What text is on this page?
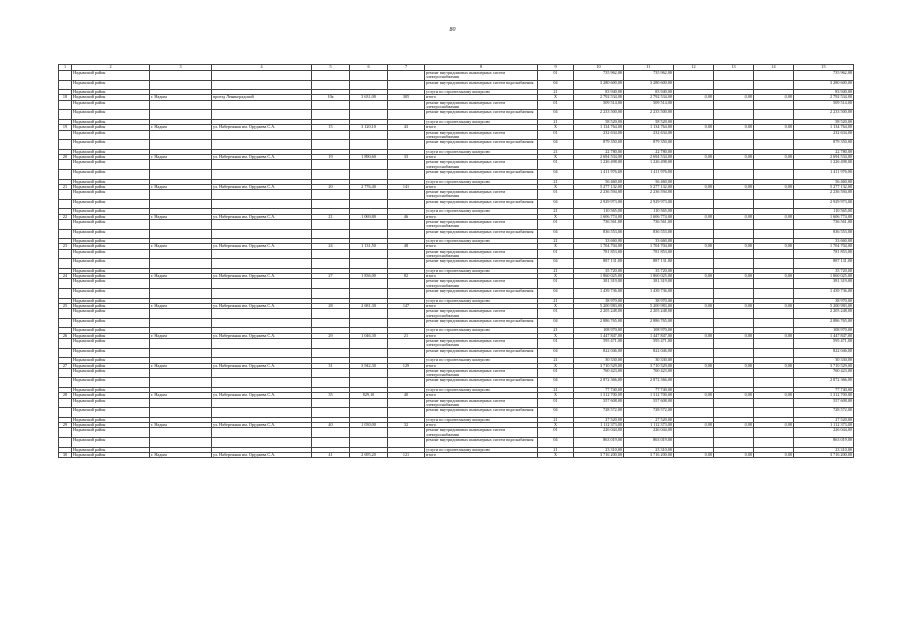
80
1	2	3	4	5	6	7	8	9	10	11	12	13	14	15
	Надымский район						ремонт внутридомовых инженерных систем электроснабжения	01	735 962,00	735 962,00				735 962,00
	Надымский район						ремонт внутридомовых инженерных систем водоснабжения	04	3 280 600,00	3 280 600,00				3 280 600,00
	Надымский район						услуги по строительному контролю	21	83 940,00	83 940,00				83 940,00
18	Надымский район	г. Надым	проезд Ленинградский	10а	3 631,00	305	итого	Х	2 792 534,00	2 792 534,00	0,00	0,00	0,00	2 792 534,00
	Надымский район						ремонт внутридомовых инженерных систем электроснабжения	01	509 514,00	509 514,00				509 514,00
	Надымский район						ремонт внутридомовых инженерных систем водоснабжения	04	2 233 500,00	2 233 500,00				2 233 500,00
	Надымский район						услуги по строительному контролю	21	58 520,00	58 520,00				58 520,00
19	Надымский район	г. Надым	ул. Набережная им. Оруджева С.А.	15	3 120,10	43	итого	Х	1 134 764,00	1 134 764,00	0,00	0,00	0,00	1 134 764,00
	Надымский район						ремонт внутридомовых инженерных систем электроснабжения	01	232 634,00	232 634,00				232 634,00
	Надымский район						ремонт внутридомовых инженерных систем водоснабжения	04	879 350,00	879 350,00				879 350,00
	Надымский район						услуги по строительному контролю	21	22 780,00	22 780,00				22 780,00
20	Надымский район	г. Надым	ул. Набережная им. Оруджева С.А.	19	1 890,60	33	итого	Х	2 694 534,00	2 694 534,00	0,00	0,00	0,00	2 694 534,00
	Надымский район						ремонт внутридомовых инженерных систем электроснабжения	01	1 226 498,00	1 226 498,00				1 226 498,00
	Надымский район						ремонт внутридомовых инженерных систем водоснабжения	04	1 411 976,00	1 411 976,00				1 411 976,00
	Надымский район						услуги по строительному контролю	21	56 460,00	56 460,00				56 460,00
21	Надымский район	г. Надым	ул. Набережная им. Оруджева С.А.	20	2 776,40	141	итого	Х	5 277 132,00	5 277 132,00	0,00	0,00	0,00	5 277 132,00
	Надымский район						ремонт внутридомовых инженерных систем электроснабжения	01	2 236 594,00	2 236 594,00				2 236 594,00
	Надымский район						ремонт внутридомовых инженерных систем водоснабжения	04	2 929 973,00	2 929 973,00				2 929 973,00
	Надымский район						услуги по строительному контролю	21	110 565,00	110 565,00				110 565,00
22	Надымский район	г. Надым	ул. Набережная им. Оруджева С.А.	21	1 069,80	46	итого	Х	1 606 774,00	1 606 774,00	0,00	0,00	0,00	1 606 774,00
	Надымский район						ремонт внутридомовых инженерных систем электроснабжения	01	736 561,00	736 561,00				736 561,00
	Надымский район						ремонт внутридомовых инженерных систем водоснабжения	04	836 553,00	836 553,00				836 553,00
	Надымский район						услуги по строительному контролю	21	33 660,00	33 660,00				33 660,00
23	Надымский район	г. Надым	ул. Набережная им. Оруджева С.А.	24	1 131,50	48	итого	Х	1 704 704,00	1 704 704,00	0,00	0,00	0,00	1 704 704,00
	Надымский район						ремонт внутридомовых инженерных систем электроснабжения	01	781 853,00	781 853,00				781 853,00
	Надымский район						ремонт внутридомовых инженерных систем водоснабжения	04	887 131,00	887 131,00				887 131,00
	Надымский район						услуги по строительному контролю	21	35 720,00	35 720,00				35 720,00
24	Надымский район	г. Надым	ул. Набережная им. Оруджева С.А.	27	1 836,00	82	итого	Х	1 860 025,00	1 860 025,00	0,00	0,00	0,00	1 860 025,00
	Надымский район						ремонт внутридомовых инженерных систем электроснабжения	01	381 319,00	381 319,00				381 319,00
	Надымский район						ремонт внутридомовых инженерных систем водоснабжения	04	1 439 736,00	1 439 736,00				1 439 736,00
	Надымский район						услуги по строительному контролю	21	38 970,00	38 970,00				38 970,00
25	Надымский район	г. Надым	ул. Набережная им. Оруджева С.А.	28	2 681,30	147	итого	Х	5 200 983,00	5 200 983,00	0,00	0,00	0,00	5 200 983,00
	Надымский район						ремонт внутридомовых инженерных систем электроснабжения	01	2 205 248,00	2 205 248,00				2 205 248,00
	Надымский район						ремонт внутридомовых инженерных систем водоснабжения	04	2 886 765,00	2 886 765,00				2 886 765,00
	Надымский район						услуги по строительному контролю	21	108 970,00	108 970,00				108 970,00
26	Надымский район	г. Надым	ул. Набережная им. Оруджева С.А.	29	1 046,30	21	итого	Х	1 447 847,00	1 447 847,00	0,00	0,00	0,00	1 447 847,00
	Надымский район						ремонт внутридомовых инженерных систем электроснабжения	01	595 471,00	595 471,00				595 471,00
	Надымский район						ремонт внутридомовых инженерных систем водоснабжения	04	822 046,00	822 046,00				822 046,00
	Надымский район						услуги по строительному контролю	21	30 330,00	30 330,00				30 330,00
27	Надымский район	г. Надым	ул. Набережная им. Оруджева С.А.	31	3 942,30	129	итого	Х	3 710 529,00	3 710 529,00	0,00	0,00	0,00	3 710 529,00
	Надымский район						ремонт внутридомовых инженерных систем электроснабжения	01	760 423,00	760 423,00				760 423,00
	Надымский район						ремонт внутридомовых инженерных систем водоснабжения	04	2 872 366,00	2 872 366,00				2 872 366,00
	Надымский район						услуги по строительному контролю	21	77 740,00	77 740,00				77 740,00
28	Надымский район	г. Надым	ул. Набережная им. Оруджева С.А.	35	829,10	40	итого	Х	1 312 700,00	1 312 700,00	0,00	0,00	0,00	1 312 700,00
	Надымский район						ремонт внутридомовых инженерных систем электроснабжения	01	557 608,00	557 608,00				557 608,00
	Надымский район						ремонт внутридомовых инженерных систем водоснабжения	04	728 572,00	728 572,00				728 572,00
	Надымский район						услуги по строительному контролю	21	27 520,00	27 520,00				27 520,00
29	Надымский район	г. Надым	ул. Набережная им. Оруджева С.А.	40	1 030,00	32	итого	Х	1 112 373,00	1 112 373,00	0,00	0,00	0,00	1 112 373,00
	Надымский район						ремонт внутридомовых инженерных систем электроснабжения	01	226 044,00	226 044,00				226 044,00
	Надымский район						ремонт внутридомовых инженерных систем водоснабжения	04	863 019,00	863 019,00				863 019,00
	Надымский район						услуги по строительному контролю	21	23 310,00	23 310,00				23 310,00
30	Надымский район	г. Надым	ул. Набережная им. Оруджева С.А.	41	2 695,20	121	итого	Х	3 716 200,00	3 716 200,00	0,00	0,00	0,00	3 716 200,00
